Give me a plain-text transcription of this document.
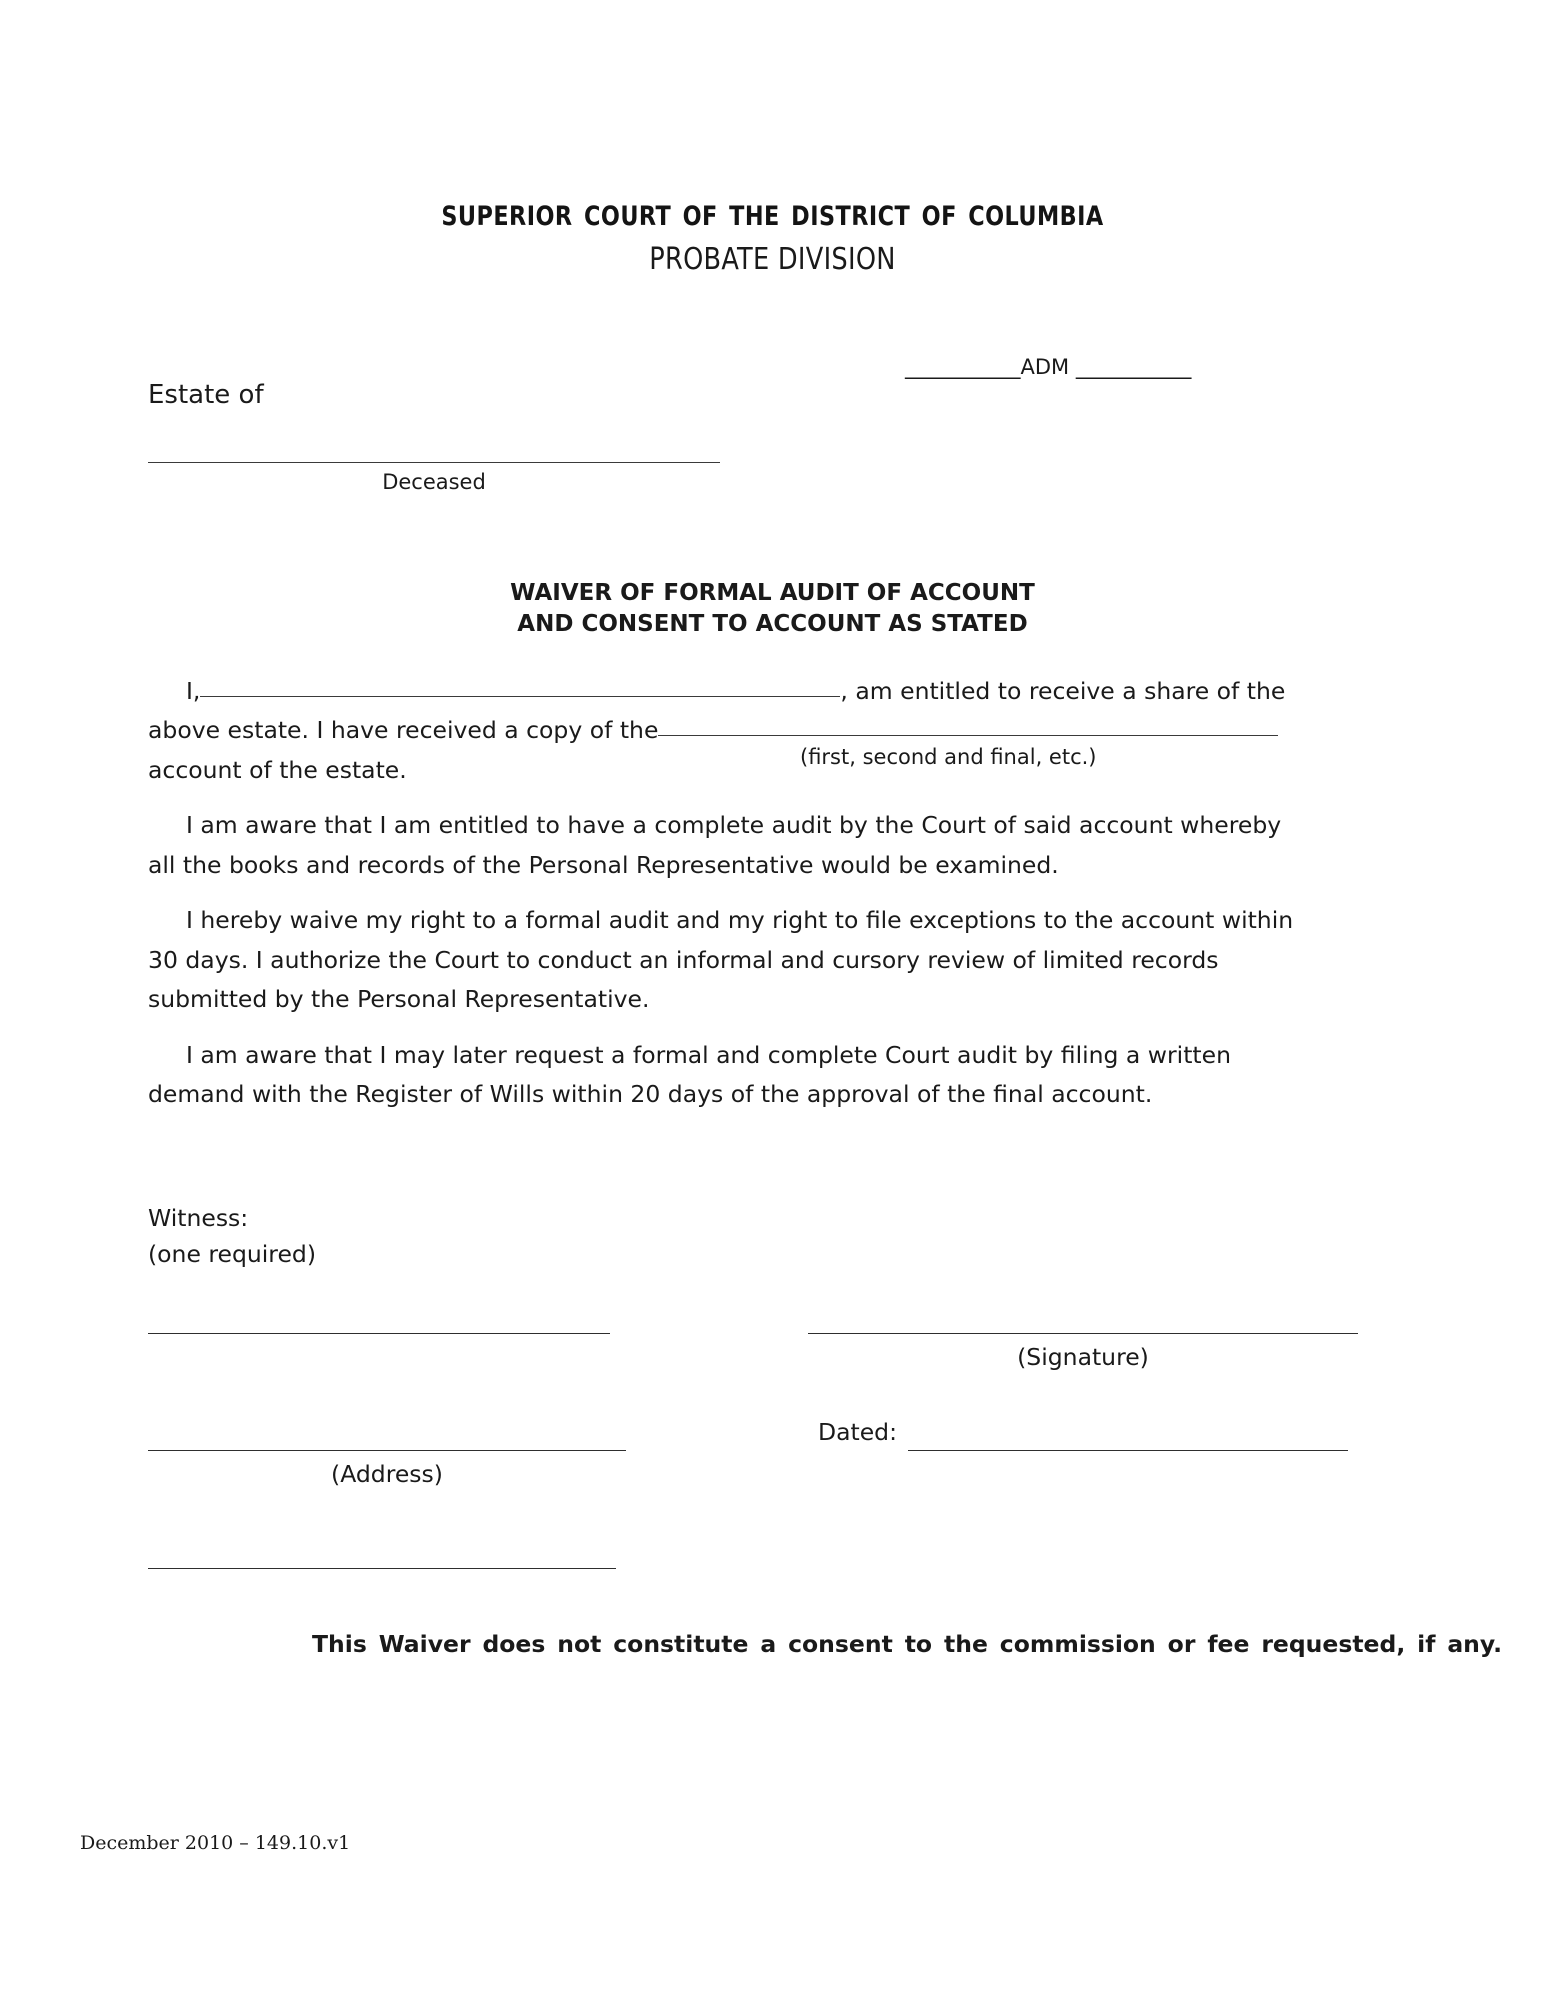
superior court of the district of columbia
PROBATE DIVISION
___________ADM ___________
Estate of
Deceased
WAIVER OF FORMAL AUDIT OF ACCOUNT
AND CONSENT TO ACCOUNT AS STATED

I,	, am entitled to receive a share of the above estate. I have received a copy of theaccount of the estate.

I am aware that I am entitled to have a complete audit by the Court of said account whereby all the books and records of the Personal Representative would be examined.

I hereby waive my right to a formal audit and my right to file exceptions to the account within 30 days. I authorize the Court to conduct an informal and cursory review of limited records submitted by the Personal Representative.

I am aware that I may later request a formal and complete Court audit by filing a written demand with the Register of Wills within 20 days of the approval of the final account.

(first, second and final, etc.)
Witness:
(one required)
(Signature)
(Address)
Dated:
This Waiver does not constitute a consent to the commission or fee requested, if any.
December 2010 – 149.10.v1
